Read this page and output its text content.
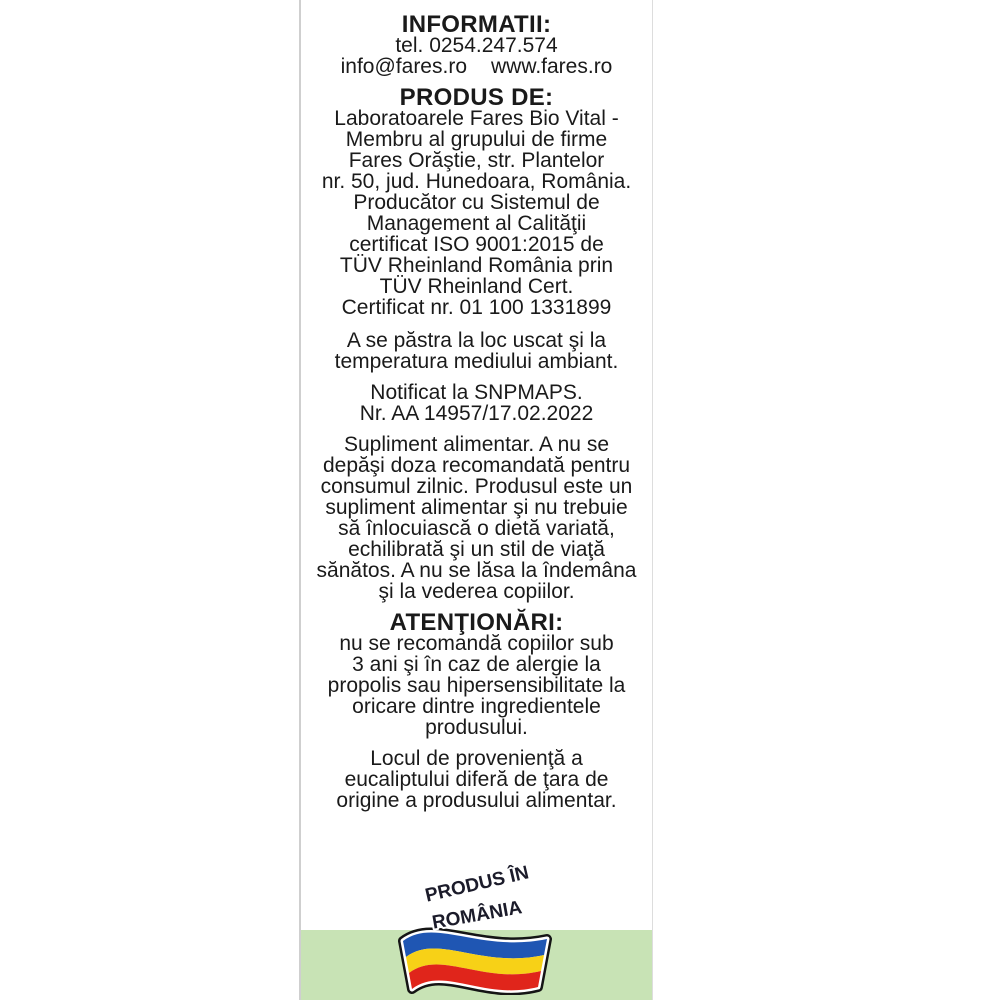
INFORMATII:
tel. 0254.247.574
info@fares.ro www.fares.ro
PRODUS DE:
Laboratoarele Fares Bio Vital -
Membru al grupului de firme
Fares Orăştie, str. Plantelor
nr. 50, jud. Hunedoara, România.
Producător cu Sistemul de
Management al Calităţii
certificat ISO 9001:2015 de
TÜV Rheinland România prin
TÜV Rheinland Cert.
Certificat nr. 01 100 1331899
A se păstra la loc uscat şi la
temperatura mediului ambiant.
Notificat la SNPMAPS.
Nr. AA 14957/17.02.2022
Supliment alimentar. A nu se
depăşi doza recomandată pentru
consumul zilnic. Produsul este un
supliment alimentar şi nu trebuie
să înlocuiască o dietă variată,
echilibrată şi un stil de viaţă
sănătos. A nu se lăsa la îndemâna
şi la vederea copiilor.
ATENŢIONĂRI:
nu se recomandă copiilor sub
3 ani şi în caz de alergie la
propolis sau hipersensibilitate la
oricare dintre ingredientele
produsului.
Locul de provenienţă a
eucaliptului diferă de ţara de
origine a produsului alimentar.
PRODUS ÎN
ROMÂNIA
